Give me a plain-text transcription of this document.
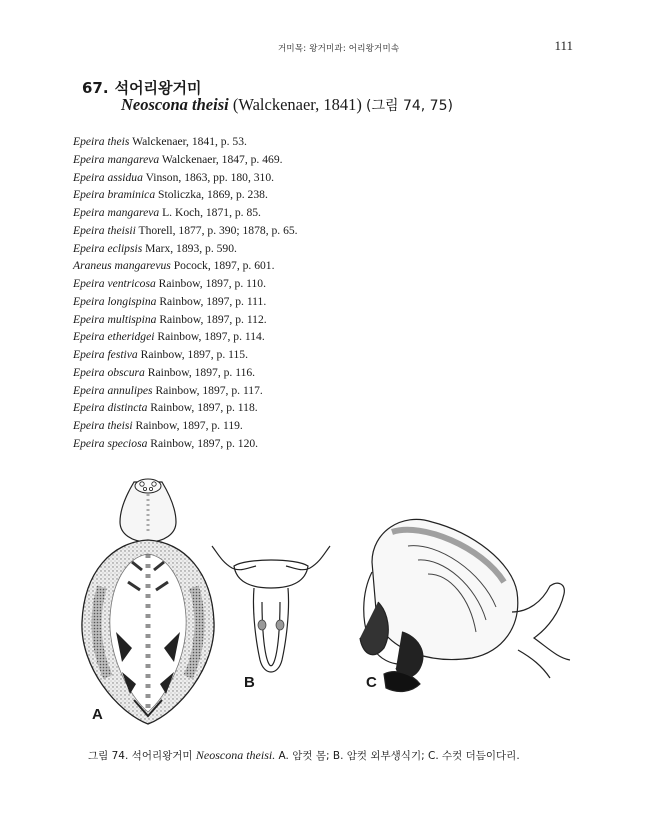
거미목: 왕거미과: 어리왕거미속	111
67. 석어리왕거미
Neoscona theisi (Walckenaer, 1841) (그림 74, 75)
Epeira theis Walckenaer, 1841, p. 53.
Epeira mangareva Walckenaer, 1847, p. 469.
Epeira assidua Vinson, 1863, pp. 180, 310.
Epeira braminica Stoliczka, 1869, p. 238.
Epeira mangareva L. Koch, 1871, p. 85.
Epeira theisii Thorell, 1877, p. 390; 1878, p. 65.
Epeira eclipsis Marx, 1893, p. 590.
Araneus mangarevus Pocock, 1897, p. 601.
Epeira ventricosa Rainbow, 1897, p. 110.
Epeira longispina Rainbow, 1897, p. 111.
Epeira multispina Rainbow, 1897, p. 112.
Epeira etheridgei Rainbow, 1897, p. 114.
Epeira festiva Rainbow, 1897, p. 115.
Epeira obscura Rainbow, 1897, p. 116.
Epeira annulipes Rainbow, 1897, p. 117.
Epeira distincta Rainbow, 1897, p. 118.
Epeira theisi Rainbow, 1897, p. 119.
Epeira speciosa Rainbow, 1897, p. 120.
A
B	C
그림 74. 석어리왕거미 Neoscona theisi. A. 암컷 몸; B. 암컷 외부생식기; C. 수컷 더듬이다리.
